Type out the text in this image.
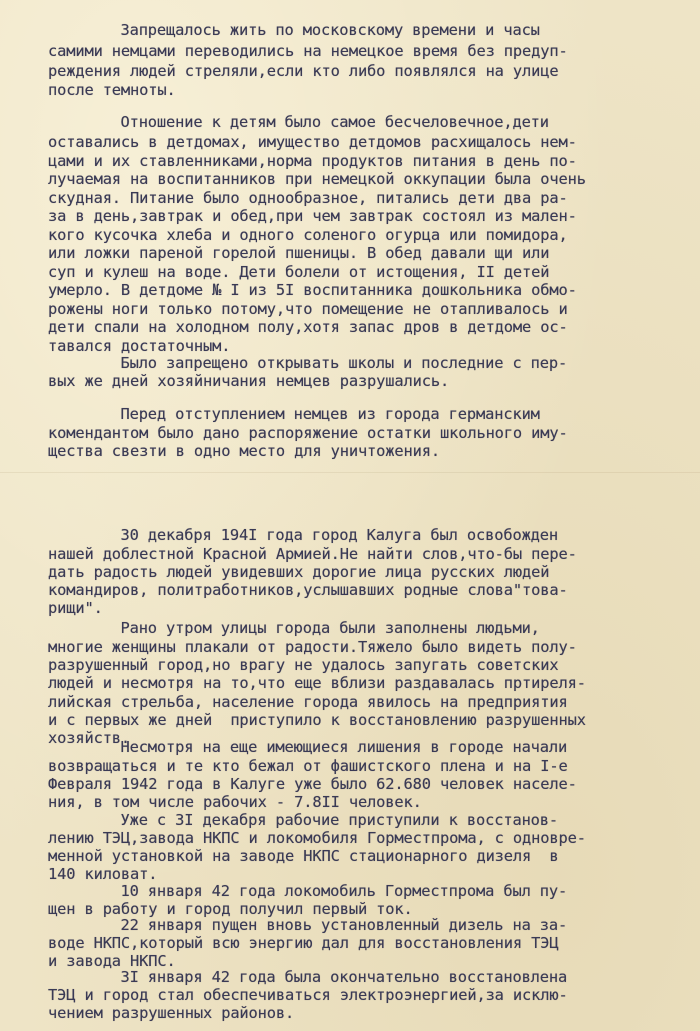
Запрещалось жить по московскому времени и часы
самими немцами переводились на немецкое время без предуп-
реждения людей стреляли,если кто либо появлялся на улице
после темноты.
Отношение к детям было самое бесчеловечное,дети
оставались в детдомах, имущество детдомов расхищалось нем-
цами и их ставленниками,норма продуктов питания в день по-
лучаемая на воспитанников при немецкой оккупации была очень
скудная. Питание было однообразное, питались дети два ра-
за в день,завтрак и обед,при чем завтрак состоял из мален-
кого кусочка хлеба и одного соленого огурца или помидора,
или ложки пареной горелой пшеницы. В обед давали щи или
суп и кулеш на воде. Дети болели от истощения, II детей
умерло. В детдоме № I из 5I воспитанника дошкольника обмо-
рожены ноги только потому,что помещение не отапливалось и
дети спали на холодном полу,хотя запас дров в детдоме ос-
тавался достаточным.
Было запрещено открывать школы и последние с пер-
вых же дней хозяйничания немцев разрушались.
Перед отступлением немцев из города германским
комендантом было дано распоряжение остатки школьного иму-
щества свезти в одно место для уничтожения.
30 декабря 194I года город Калуга был освобожден
нашей доблестной Красной Армией.Не найти слов,что-бы пере-
дать радость людей увидевших дорогие лица русских людей
командиров, политработников,услышавших родные слова"това-
рищи".
Рано утром улицы города были заполнены людьми,
многие женщины плакали от радости.Тяжело было видеть полу-
разрушенный город,но врагу не удалось запугать советских
людей и несмотря на то,что еще вблизи раздавалась пртиреля-
лийская стрельба, население города явилось на предприятия
и с первых же дней  приступило к восстановлению разрушенных
хозяйств.
Несмотря на еще имеющиеся лишения в городе начали
возвращаться и те кто бежал от фашистского плена и на I-е
Февраля 1942 года в Калуге уже было 62.680 человек населе-
ния, в том числе рабочих - 7.8II человек.
Уже с 3I декабря рабочие приступили к восстанов-
лению ТЭЦ,завода НКПС и локомобиля Горместпрома, с одновре-
менной установкой на заводе НКПС стационарного дизеля  в
140 киловат.
10 января 42 года локомобиль Горместпрома был пу-
щен в работу и город получил первый ток.
22 января пущен вновь установленный дизель на за-
воде НКПС,который всю энергию дал для восстановления ТЭЦ
и завода НКПС.
3I января 42 года была окончательно восстановлена
ТЭЦ и город стал обеспечиваться электроэнергией,за исклю-
чением разрушенных районов.
